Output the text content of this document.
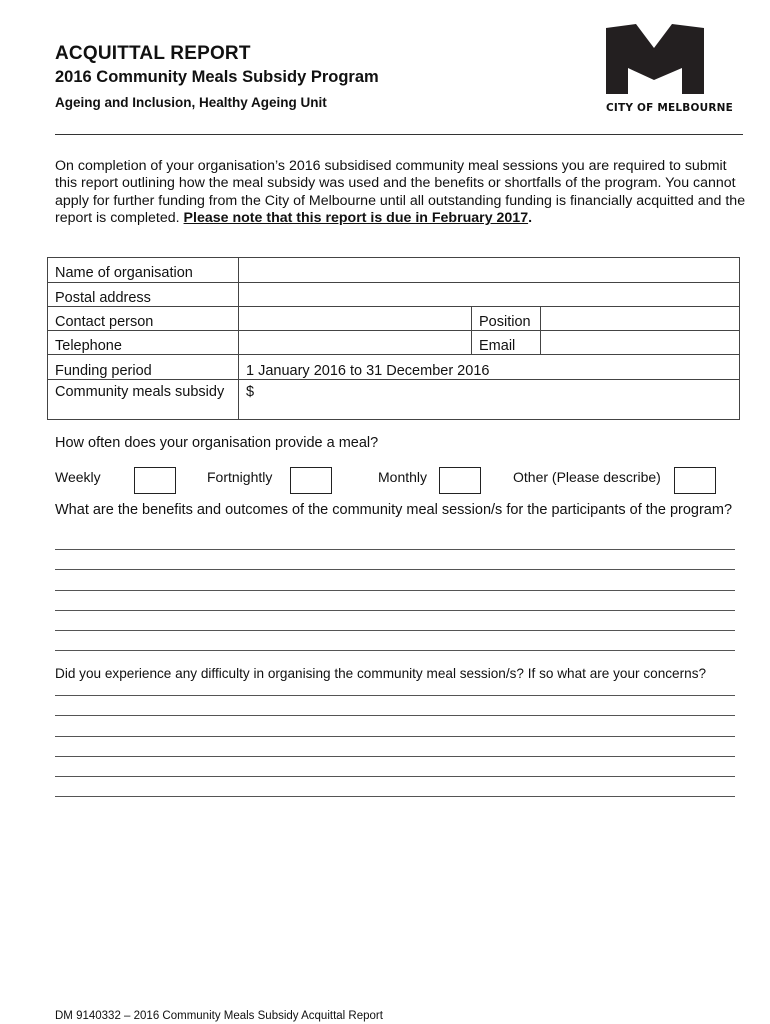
ACQUITTAL REPORT
2016 Community Meals Subsidy Program
Ageing and Inclusion, Healthy Ageing Unit	CITY OF MELBOURNE
On completion of your organisation’s 2016 subsidised community meal sessions you are required to submit this report outlining how the meal subsidy was used and the benefits or shortfalls of the program. You cannot apply for further funding from the City of Melbourne until all outstanding funding is financially acquitted and the report is completed. Please note that this report is due in February 2017.
Name of organisation			
Postal address			
Contact person		Position	
Telephone		Email	
Funding period	1 January 2016 to 31 December 2016		
Community meals subsidy	$		
How often does your organisation provide a meal?
Weekly	Fortnightly	Monthly	Other (Please describe)
What are the benefits and outcomes of the community meal session/s for the participants of the program?
Did you experience any difficulty in organising the community meal session/s? If so what are your concerns?
DM 9140332 – 2016 Community Meals Subsidy Acquittal Report
